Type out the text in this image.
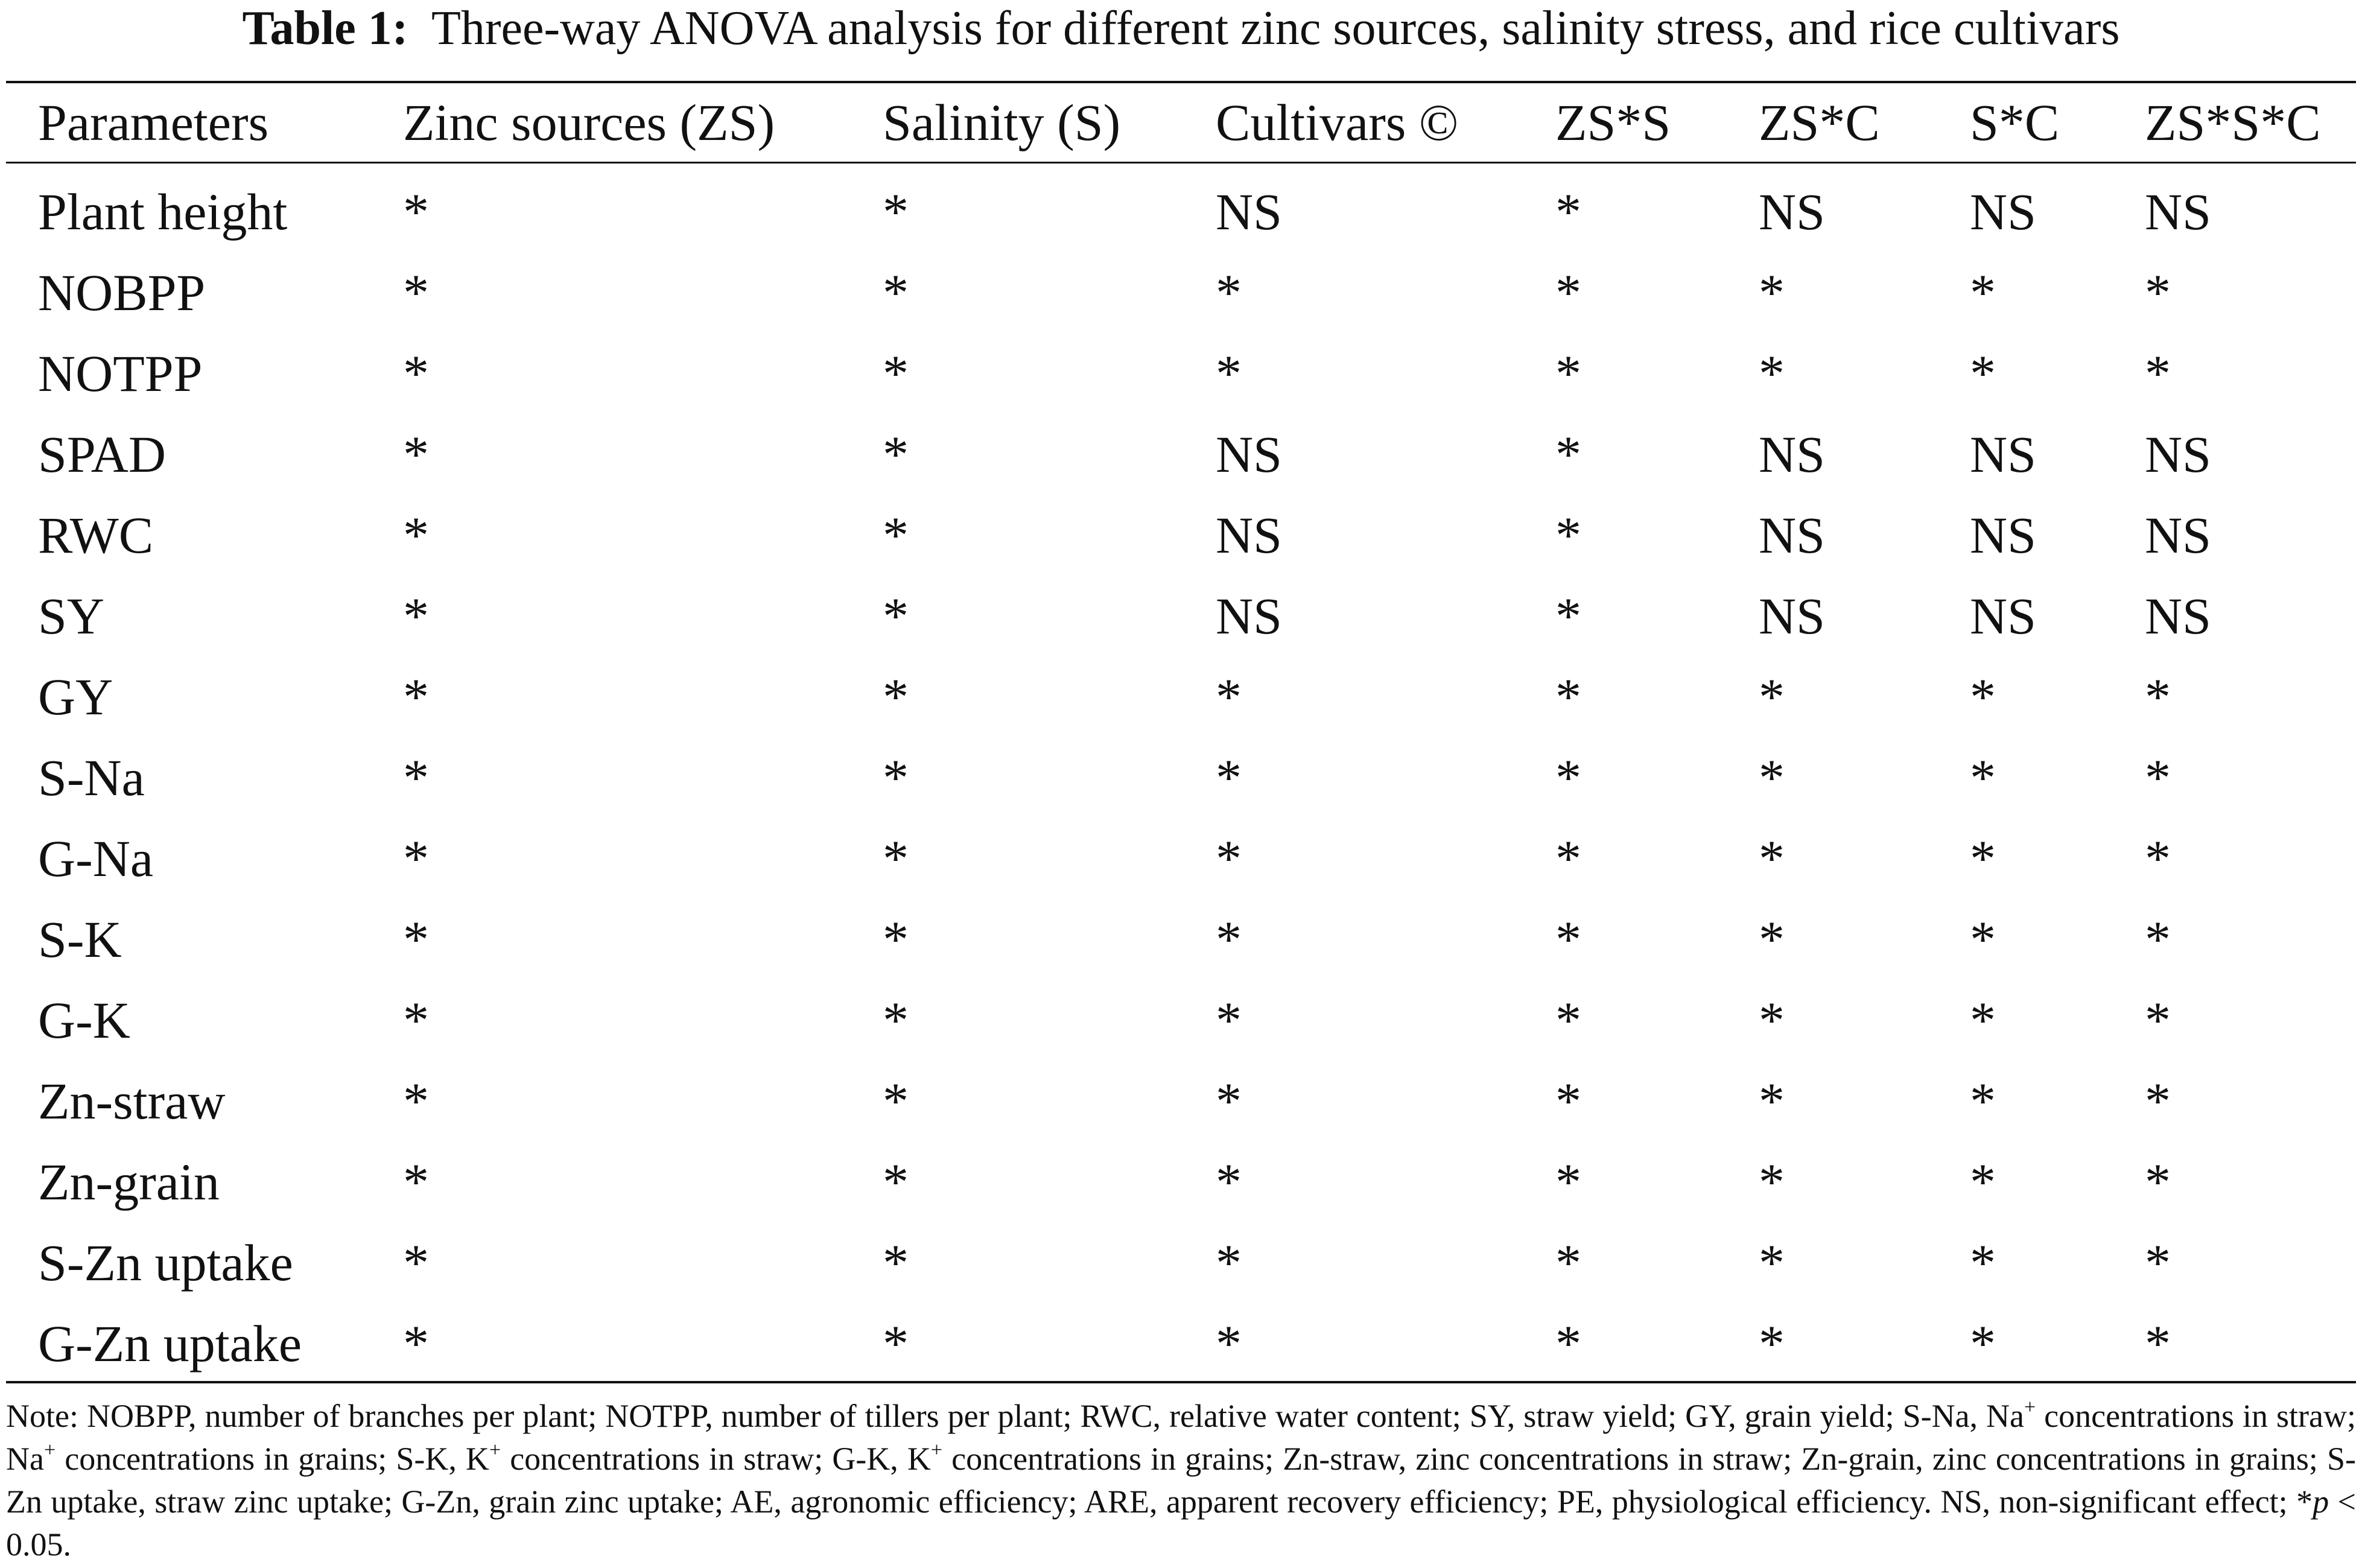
Table 1: Three-way ANOVA analysis for different zinc sources, salinity stress, and rice cultivars
Parameters	Zinc sources (ZS)	Salinity (S)	Cultivars ©	ZS*S	ZS*C	S*C	ZS*S*C
Plant height	*	*	NS	*	NS	NS	NS
NOBPP	*	*	*	*	*	*	*
NOTPP	*	*	*	*	*	*	*
SPAD	*	*	NS	*	NS	NS	NS
RWC	*	*	NS	*	NS	NS	NS
SY	*	*	NS	*	NS	NS	NS
GY	*	*	*	*	*	*	*
S-Na	*	*	*	*	*	*	*
G-Na	*	*	*	*	*	*	*
S-K	*	*	*	*	*	*	*
G-K	*	*	*	*	*	*	*
Zn-straw	*	*	*	*	*	*	*
Zn-grain	*	*	*	*	*	*	*
S-Zn uptake	*	*	*	*	*	*	*
G-Zn uptake	*	*	*	*	*	*	*
Note: NOBPP, number of branches per plant; NOTPP, number of tillers per plant; RWC, relative water content; SY, straw yield; GY, grain yield; S-Na, Na+ concentrations in straw; Na+ concentrations in grains; S-K, K+ concentrations in straw; G-K, K+ concentrations in grains; Zn-straw, zinc concentrations in straw; Zn-grain, zinc concentrations in grains; S-Zn uptake, straw zinc uptake; G-Zn, grain zinc uptake; AE, agronomic efficiency; ARE, apparent recovery efficiency; PE, physiological efficiency. NS, non-significant effect; *p < 0.05.
